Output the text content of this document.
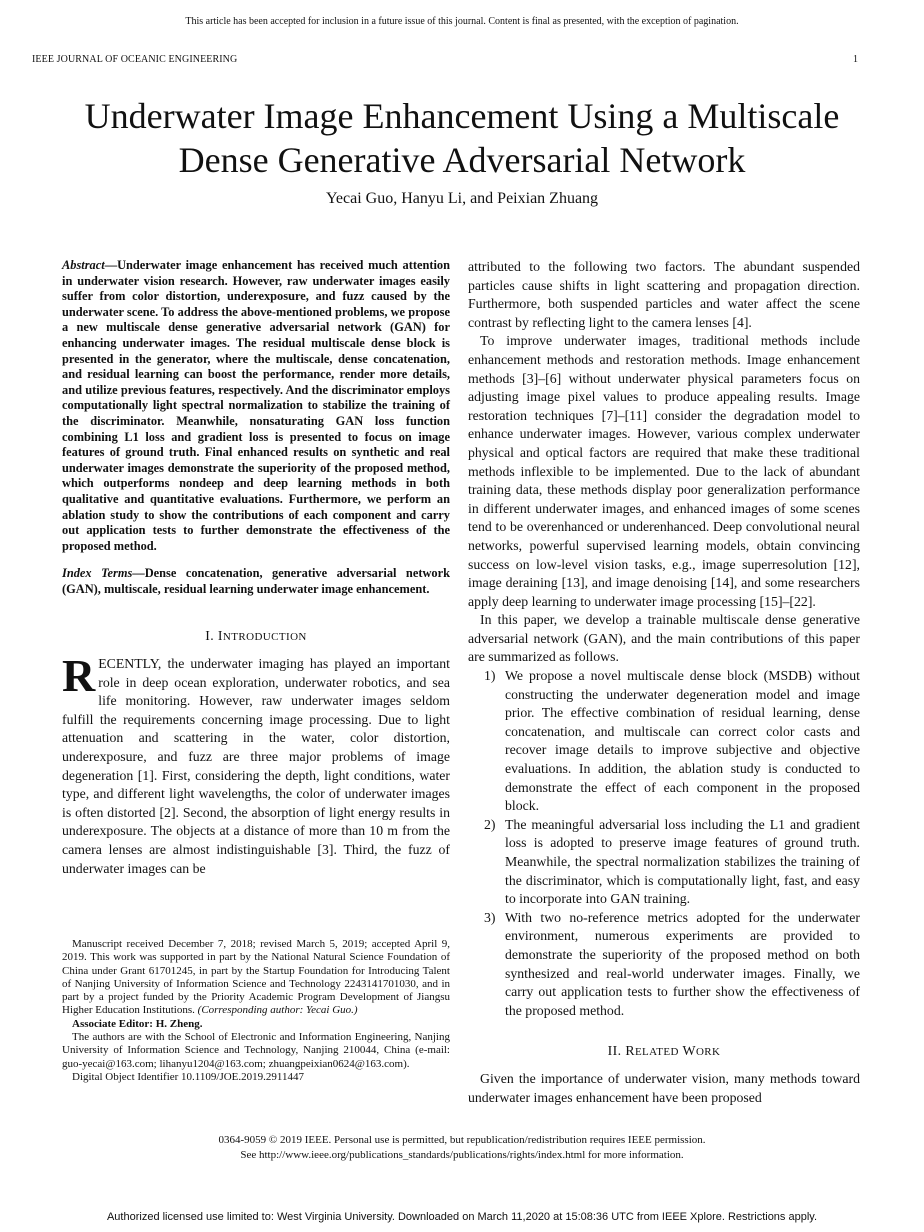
This article has been accepted for inclusion in a future issue of this journal. Content is final as presented, with the exception of pagination.
IEEE JOURNAL OF OCEANIC ENGINEERING	1
Underwater Image Enhancement Using a Multiscale
Dense Generative Adversarial Network
Yecai Guo, Hanyu Li, and Peixian Zhuang
Abstract—Underwater image enhancement has received much attention in underwater vision research. However, raw underwater images easily suffer from color distortion, underexposure, and fuzz caused by the underwater scene. To address the above-mentioned problems, we propose a new multiscale dense generative adversarial network (GAN) for enhancing underwater images. The residual multiscale dense block is presented in the generator, where the multiscale, dense concatenation, and residual learning can boost the performance, render more details, and utilize previous features, respectively. And the discriminator employs computationally light spectral normalization to stabilize the training of the discriminator. Meanwhile, nonsaturating GAN loss function combining L1 loss and gradient loss is presented to focus on image features of ground truth. Final enhanced results on synthetic and real underwater images demonstrate the superiority of the proposed method, which outperforms nondeep and deep learning methods in both qualitative and quantitative evaluations. Furthermore, we perform an ablation study to show the contributions of each component and carry out application tests to further demonstrate the effectiveness of the proposed method.
Index Terms—Dense concatenation, generative adversarial network (GAN), multiscale, residual learning underwater image enhancement.
I. INTRODUCTION

RECENTLY, the underwater imaging has played an important role in deep ocean exploration, underwater robotics, and sea life monitoring. However, raw underwater images seldom fulfill the requirements concerning image processing. Due to light attenuation and scattering in the water, color distortion, underexposure, and fuzz are three major problems of image degeneration [1]. First, considering the depth, light conditions, water type, and different light wavelengths, the color of underwater images is often distorted [2]. Second, the absorption of light energy results in underexposure. The objects at a distance of more than 10 m from the camera lenses are almost indistinguishable [3]. Third, the fuzz of underwater images can be

Manuscript received December 7, 2018; revised March 5, 2019; accepted April 9, 2019. This work was supported in part by the National Natural Science Foundation of China under Grant 61701245, in part by the Startup Foundation for Introducing Talent of Nanjing University of Information Science and Technology 2243141701030, and in part by a project funded by the Priority Academic Program Development of Jiangsu Higher Education Institutions. (Corresponding author: Yecai Guo.)

Associate Editor: H. Zheng.

The authors are with the School of Electronic and Information Engineering, Nanjing University of Information Science and Technology, Nanjing 210044, China (e-mail: guo-yecai@163.com; lihanyu1204@163.com; zhuangpeixian0624@163.com).

Digital Object Identifier 10.1109/JOE.2019.2911447

attributed to the following two factors. The abundant suspended particles cause shifts in light scattering and propagation direction. Furthermore, both suspended particles and water affect the scene contrast by reflecting light to the camera lenses [4].

To improve underwater images, traditional methods include enhancement methods and restoration methods. Image enhancement methods [3]–[6] without underwater physical parameters focus on adjusting image pixel values to produce appealing results. Image restoration techniques [7]–[11] consider the degradation model to enhance underwater images. However, various complex underwater physical and optical factors are required that make these traditional methods inflexible to be implemented. Due to the lack of abundant training data, these methods display poor generalization performance in different underwater images, and enhanced images of some scenes tend to be overenhanced or underenhanced. Deep convolutional neural networks, powerful supervised learning models, obtain convincing success on low-level vision tasks, e.g., image superresolution [12], image deraining [13], and image denoising [14], and some researchers apply deep learning to underwater image processing [15]–[22].

In this paper, we develop a trainable multiscale dense generative adversarial network (GAN), and the main contributions of this paper are summarized as follows.

1) We propose a novel multiscale dense block (MSDB) without constructing the underwater degeneration model and image prior. The effective combination of residual learning, dense concatenation, and multiscale can correct color casts and recover image details to improve subjective and objective evaluations. In addition, the ablation study is conducted to demonstrate the effect of each component in the proposed block.
2) The meaningful adversarial loss including the L1 and gradient loss is adopted to preserve image features of ground truth. Meanwhile, the spectral normalization stabilizes the training of the discriminator, which is computationally light, fast, and easy to incorporate into GAN training.
3) With two no-reference metrics adopted for the underwater environment, numerous experiments are provided to demonstrate the superiority of the proposed method on both synthesized and real-world underwater images. Finally, we carry out application tests to further show the effectiveness of the proposed method.
II. RELATED WORK

Given the importance of underwater vision, many methods toward underwater images enhancement have been proposed

0364-9059 © 2019 IEEE. Personal use is permitted, but republication/redistribution requires IEEE permission.
See http://www.ieee.org/publications_standards/publications/rights/index.html for more information.
Authorized licensed use limited to: West Virginia University. Downloaded on March 11,2020 at 15:08:36 UTC from IEEE Xplore. Restrictions apply.
